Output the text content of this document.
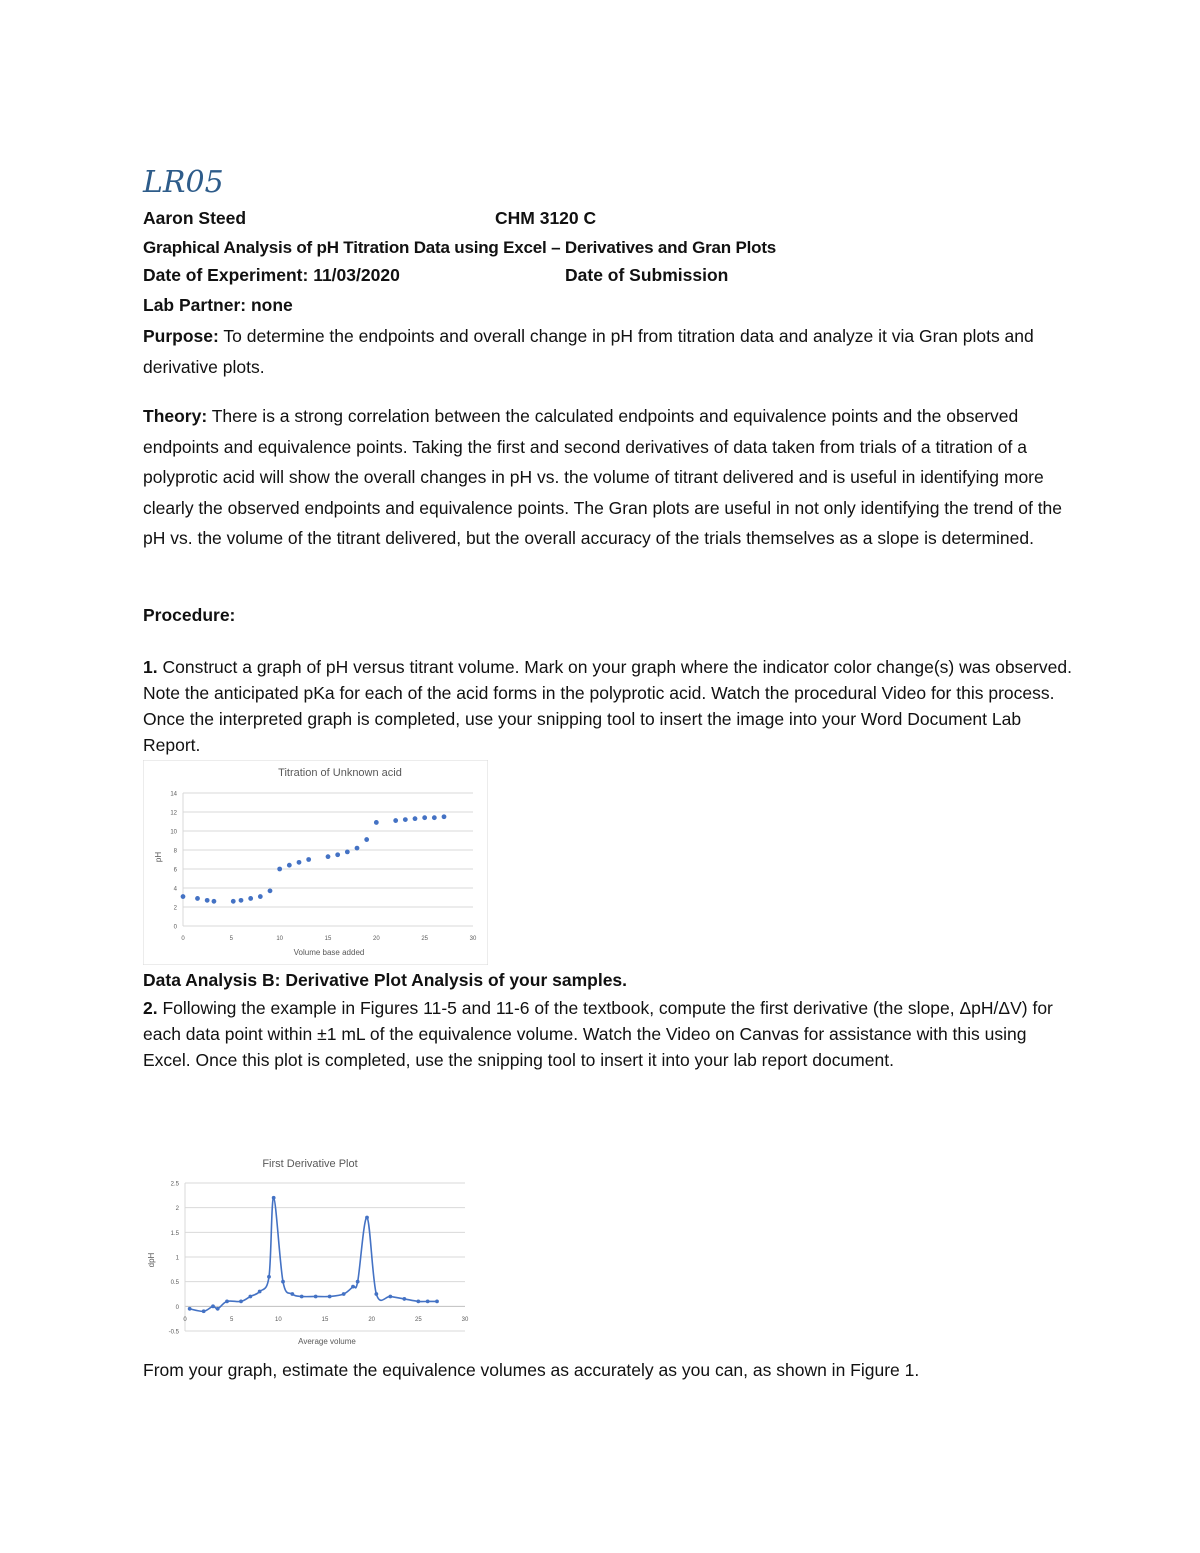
LR05
Aaron Steed	CHM 3120 C
Graphical Analysis of pH Titration Data using Excel – Derivatives and Gran Plots
Date of Experiment: 11/03/2020	Date of Submission
Lab Partner: none

Purpose: To determine the endpoints and overall change in pH from titration data and analyze it via Gran plots and derivative plots.

Theory: There is a strong correlation between the calculated endpoints and equivalence points and the observed endpoints and equivalence points. Taking the first and second derivatives of data taken from trials of a titration of a polyprotic acid will show the overall changes in pH vs. the volume of titrant delivered and is useful in identifying more clearly the observed endpoints and equivalence points. The Gran plots are useful in not only identifying the trend of the pH vs. the volume of the titrant delivered, but the overall accuracy of the trials themselves as a slope is determined.

Procedure:

1. Construct a graph of pH versus titrant volume. Mark on your graph where the indicator color change(s) was observed. Note the anticipated pKa for each of the acid forms in the polyprotic acid. Watch the procedural Video for this process. Once the interpreted graph is completed, use your snipping tool to insert the image into your Word Document Lab Report.

Titration of Unknown acid
Volume base added
pH
0
2
4
6
8
10
12
14
0	5	10	15	20	25	30
Data Analysis B: Derivative Plot Analysis of your samples.

2. Following the example in Figures 11-5 and 11-6 of the textbook, compute the first derivative (the slope, ΔpH/ΔV) for each data point within ±1 mL of the equivalence volume. Watch the Video on Canvas for assistance with this using Excel. Once this plot is completed, use the snipping tool to insert it into your lab report document.

First Derivative Plot
Average volume
dpH
-0.5
0
0.5
1
1.5
2
2.5
0	5	10	15	20	25	30
From your graph, estimate the equivalence volumes as accurately as you can, as shown in Figure 1.
